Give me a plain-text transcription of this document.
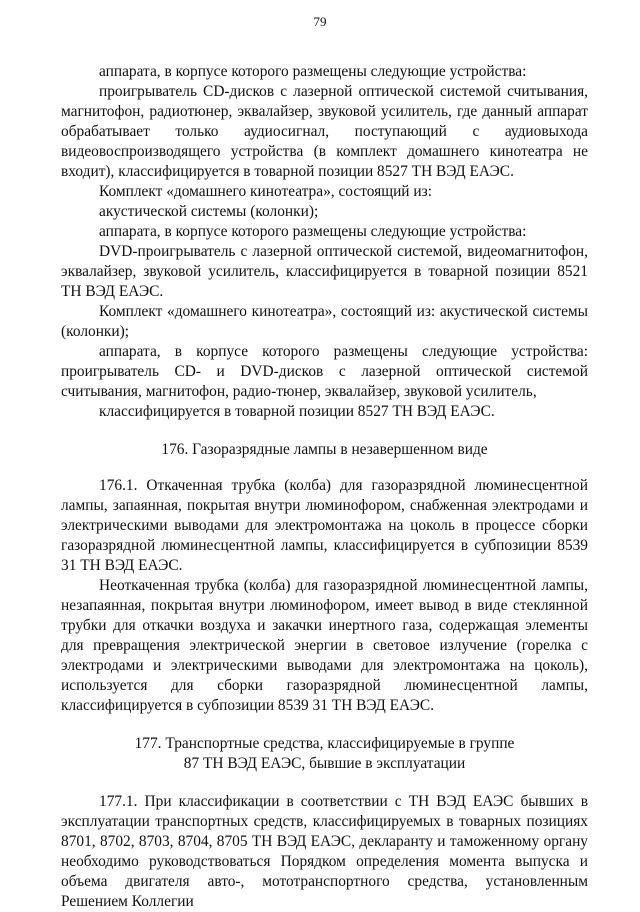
79

аппарата, в корпусе которого размещены следующие устройства:

проигрыватель CD-дисков с лазерной оптической системой считывания, магнитофон, радиотюнер, эквалайзер, звуковой усилитель, где данный аппарат обрабатывает только аудиосигнал, поступающий с аудиовыхода видеовоспроизводящего устройства (в комплект домашнего кинотеатра не входит), классифицируется в товарной позиции 8527 ТН ВЭД ЕАЭС.

Комплект «домашнего кинотеатра», состоящий из:

акустической системы (колонки);

аппарата, в корпусе которого размещены следующие устройства:

DVD-проигрыватель с лазерной оптической системой, видеомагнитофон, эквалайзер, звуковой усилитель, классифицируется в товарной позиции 8521 ТН ВЭД ЕАЭС.

Комплект «домашнего кинотеатра», состоящий из: акустической системы (колонки);

аппарата, в корпусе которого размещены следующие устройства: проигрыватель CD- и DVD-дисков с лазерной оптической системой считывания, магнитофон, радио-тюнер, эквалайзер, звуковой усилитель,

классифицируется в товарной позиции 8527 ТН ВЭД ЕАЭС.

176. Газоразрядные лампы в незавершенном виде

176.1. Откаченная трубка (колба) для газоразрядной люминесцентной лампы, запаянная, покрытая внутри люминофором, снабженная электродами и электрическими выводами для электромонтажа на цоколь в процессе сборки газоразрядной люминесцентной лампы, классифицируется в субпозиции 8539 31 ТН ВЭД ЕАЭС.

Неоткаченная трубка (колба) для газоразрядной люминесцентной лампы, незапаянная, покрытая внутри люминофором, имеет вывод в виде стеклянной трубки для откачки воздуха и закачки инертного газа, содержащая элементы для превращения электрической энергии в световое излучение (горелка с электродами и электрическими выводами для электромонтажа на цоколь), используется для сборки газоразрядной люминесцентной лампы, классифицируется в субпозиции 8539 31 ТН ВЭД ЕАЭС.

177. Транспортные средства, классифицируемые в группе
87 ТН ВЭД ЕАЭС, бывшие в эксплуатации

177.1. При классификации в соответствии с ТН ВЭД ЕАЭС бывших в эксплуатации транспортных средств, классифицируемых в товарных позициях 8701, 8702, 8703, 8704, 8705 ТН ВЭД ЕАЭС, декларанту и таможенному органу необходимо руководствоваться Порядком определения момента выпуска и объема двигателя авто-, мототранспортного средства, установленным Решением Коллегии
